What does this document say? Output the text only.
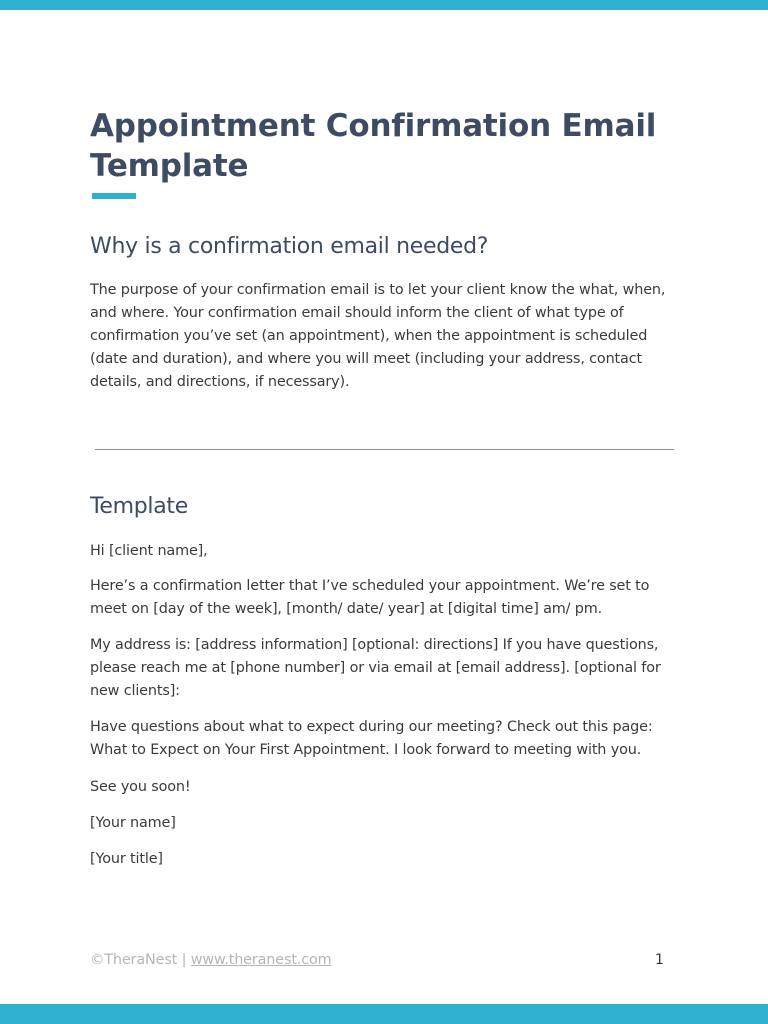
Appointment Confirmation Email Template
Why is a confirmation email needed?

The purpose of your confirmation email is to let your client know the what, when, and where. Your confirmation email should inform the client of what type of confirmation you’ve set (an appointment), when the appointment is scheduled (date and duration), and where you will meet (including your address, contact details, and directions, if necessary).

Template

Hi [client name],

Here’s a confirmation letter that I’ve scheduled your appointment. We’re set to meet on [day of the week], [month/ date/ year] at [digital time] am/ pm.

My address is: [address information] [optional: directions] If you have questions, please reach me at [phone number] or via email at [email address]. [optional for new clients]:

Have questions about what to expect during our meeting? Check out this page: What to Expect on Your First Appointment. I look forward to meeting with you.

See you soon!

[Your name]

[Your title]

©TheraNest | www.theranest.com	1
